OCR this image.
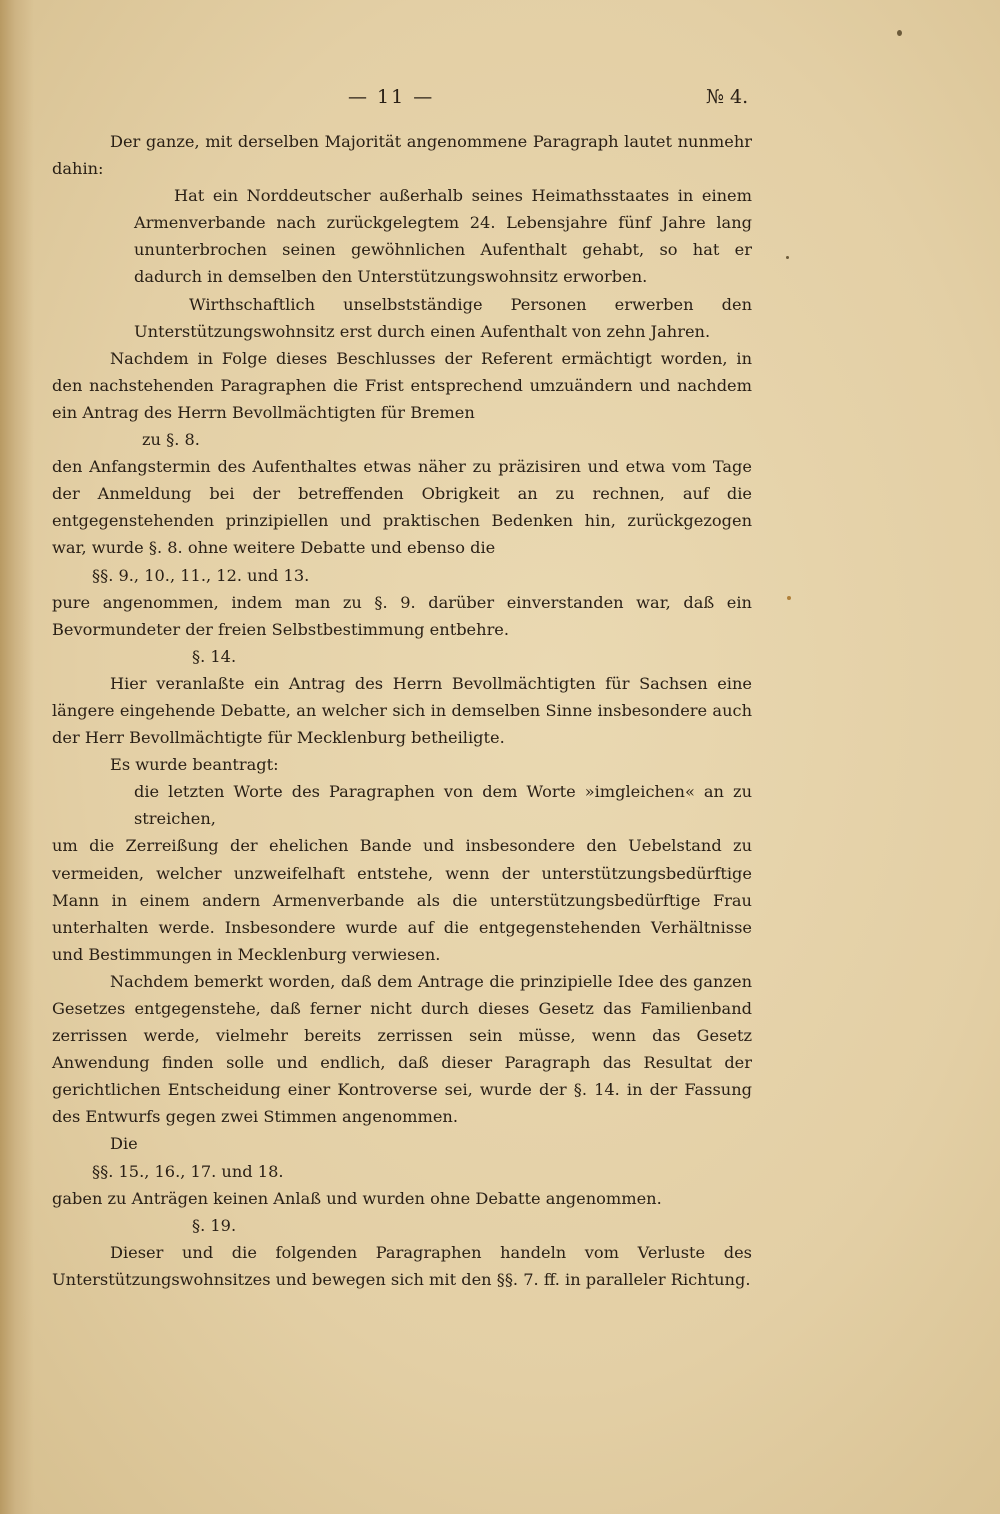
— 11 —	№ 4.

Der ganze, mit derselben Majorität angenommene Paragraph lautet nunmehr dahin:

Hat ein Norddeutscher außerhalb seines Heimathsstaates in einem Armenverbande nach zurückgelegtem 24. Lebensjahre fünf Jahre lang ununterbrochen seinen gewöhnlichen Aufenthalt gehabt, so hat er dadurch in demselben den Unterstützungswohnsitz erworben.

Wirthschaftlich unselbstständige Personen erwerben den Unterstützungswohnsitz erst durch einen Aufenthalt von zehn Jahren.

Nachdem in Folge dieses Beschlusses der Referent ermächtigt worden, in den nachstehenden Paragraphen die Frist entsprechend umzuändern und nachdem ein Antrag des Herrn Bevollmächtigten für Bremen

zu §. 8.

den Anfangstermin des Aufenthaltes etwas näher zu präzisiren und etwa vom Tage der Anmeldung bei der betreffenden Obrigkeit an zu rechnen, auf die entgegenstehenden prinzipiellen und praktischen Bedenken hin, zurückgezogen war, wurde §. 8. ohne weitere Debatte und ebenso die

§§. 9., 10., 11., 12. und 13.

pure angenommen, indem man zu §. 9. darüber einverstanden war, daß ein Bevormundeter der freien Selbstbestimmung entbehre.

§. 14.

Hier veranlaßte ein Antrag des Herrn Bevollmächtigten für Sachsen eine längere eingehende Debatte, an welcher sich in demselben Sinne insbesondere auch der Herr Bevollmächtigte für Mecklenburg betheiligte.

Es wurde beantragt:

die letzten Worte des Paragraphen von dem Worte »imgleichen« an zu streichen,

um die Zerreißung der ehelichen Bande und insbesondere den Uebelstand zu vermeiden, welcher unzweifelhaft entstehe, wenn der unterstützungsbedürftige Mann in einem andern Armenverbande als die unterstützungsbedürftige Frau unterhalten werde. Insbesondere wurde auf die entgegenstehenden Verhältnisse und Bestimmungen in Mecklenburg verwiesen.

Nachdem bemerkt worden, daß dem Antrage die prinzipielle Idee des ganzen Gesetzes entgegenstehe, daß ferner nicht durch dieses Gesetz das Familienband zerrissen werde, vielmehr bereits zerrissen sein müsse, wenn das Gesetz Anwendung finden solle und endlich, daß dieser Paragraph das Resultat der gerichtlichen Entscheidung einer Kontroverse sei, wurde der §. 14. in der Fassung des Entwurfs gegen zwei Stimmen angenommen.

Die

§§. 15., 16., 17. und 18.

gaben zu Anträgen keinen Anlaß und wurden ohne Debatte angenommen.

§. 19.

Dieser und die folgenden Paragraphen handeln vom Verluste des Unterstützungswohnsitzes und bewegen sich mit den §§. 7. ff. in paralleler Richtung.
